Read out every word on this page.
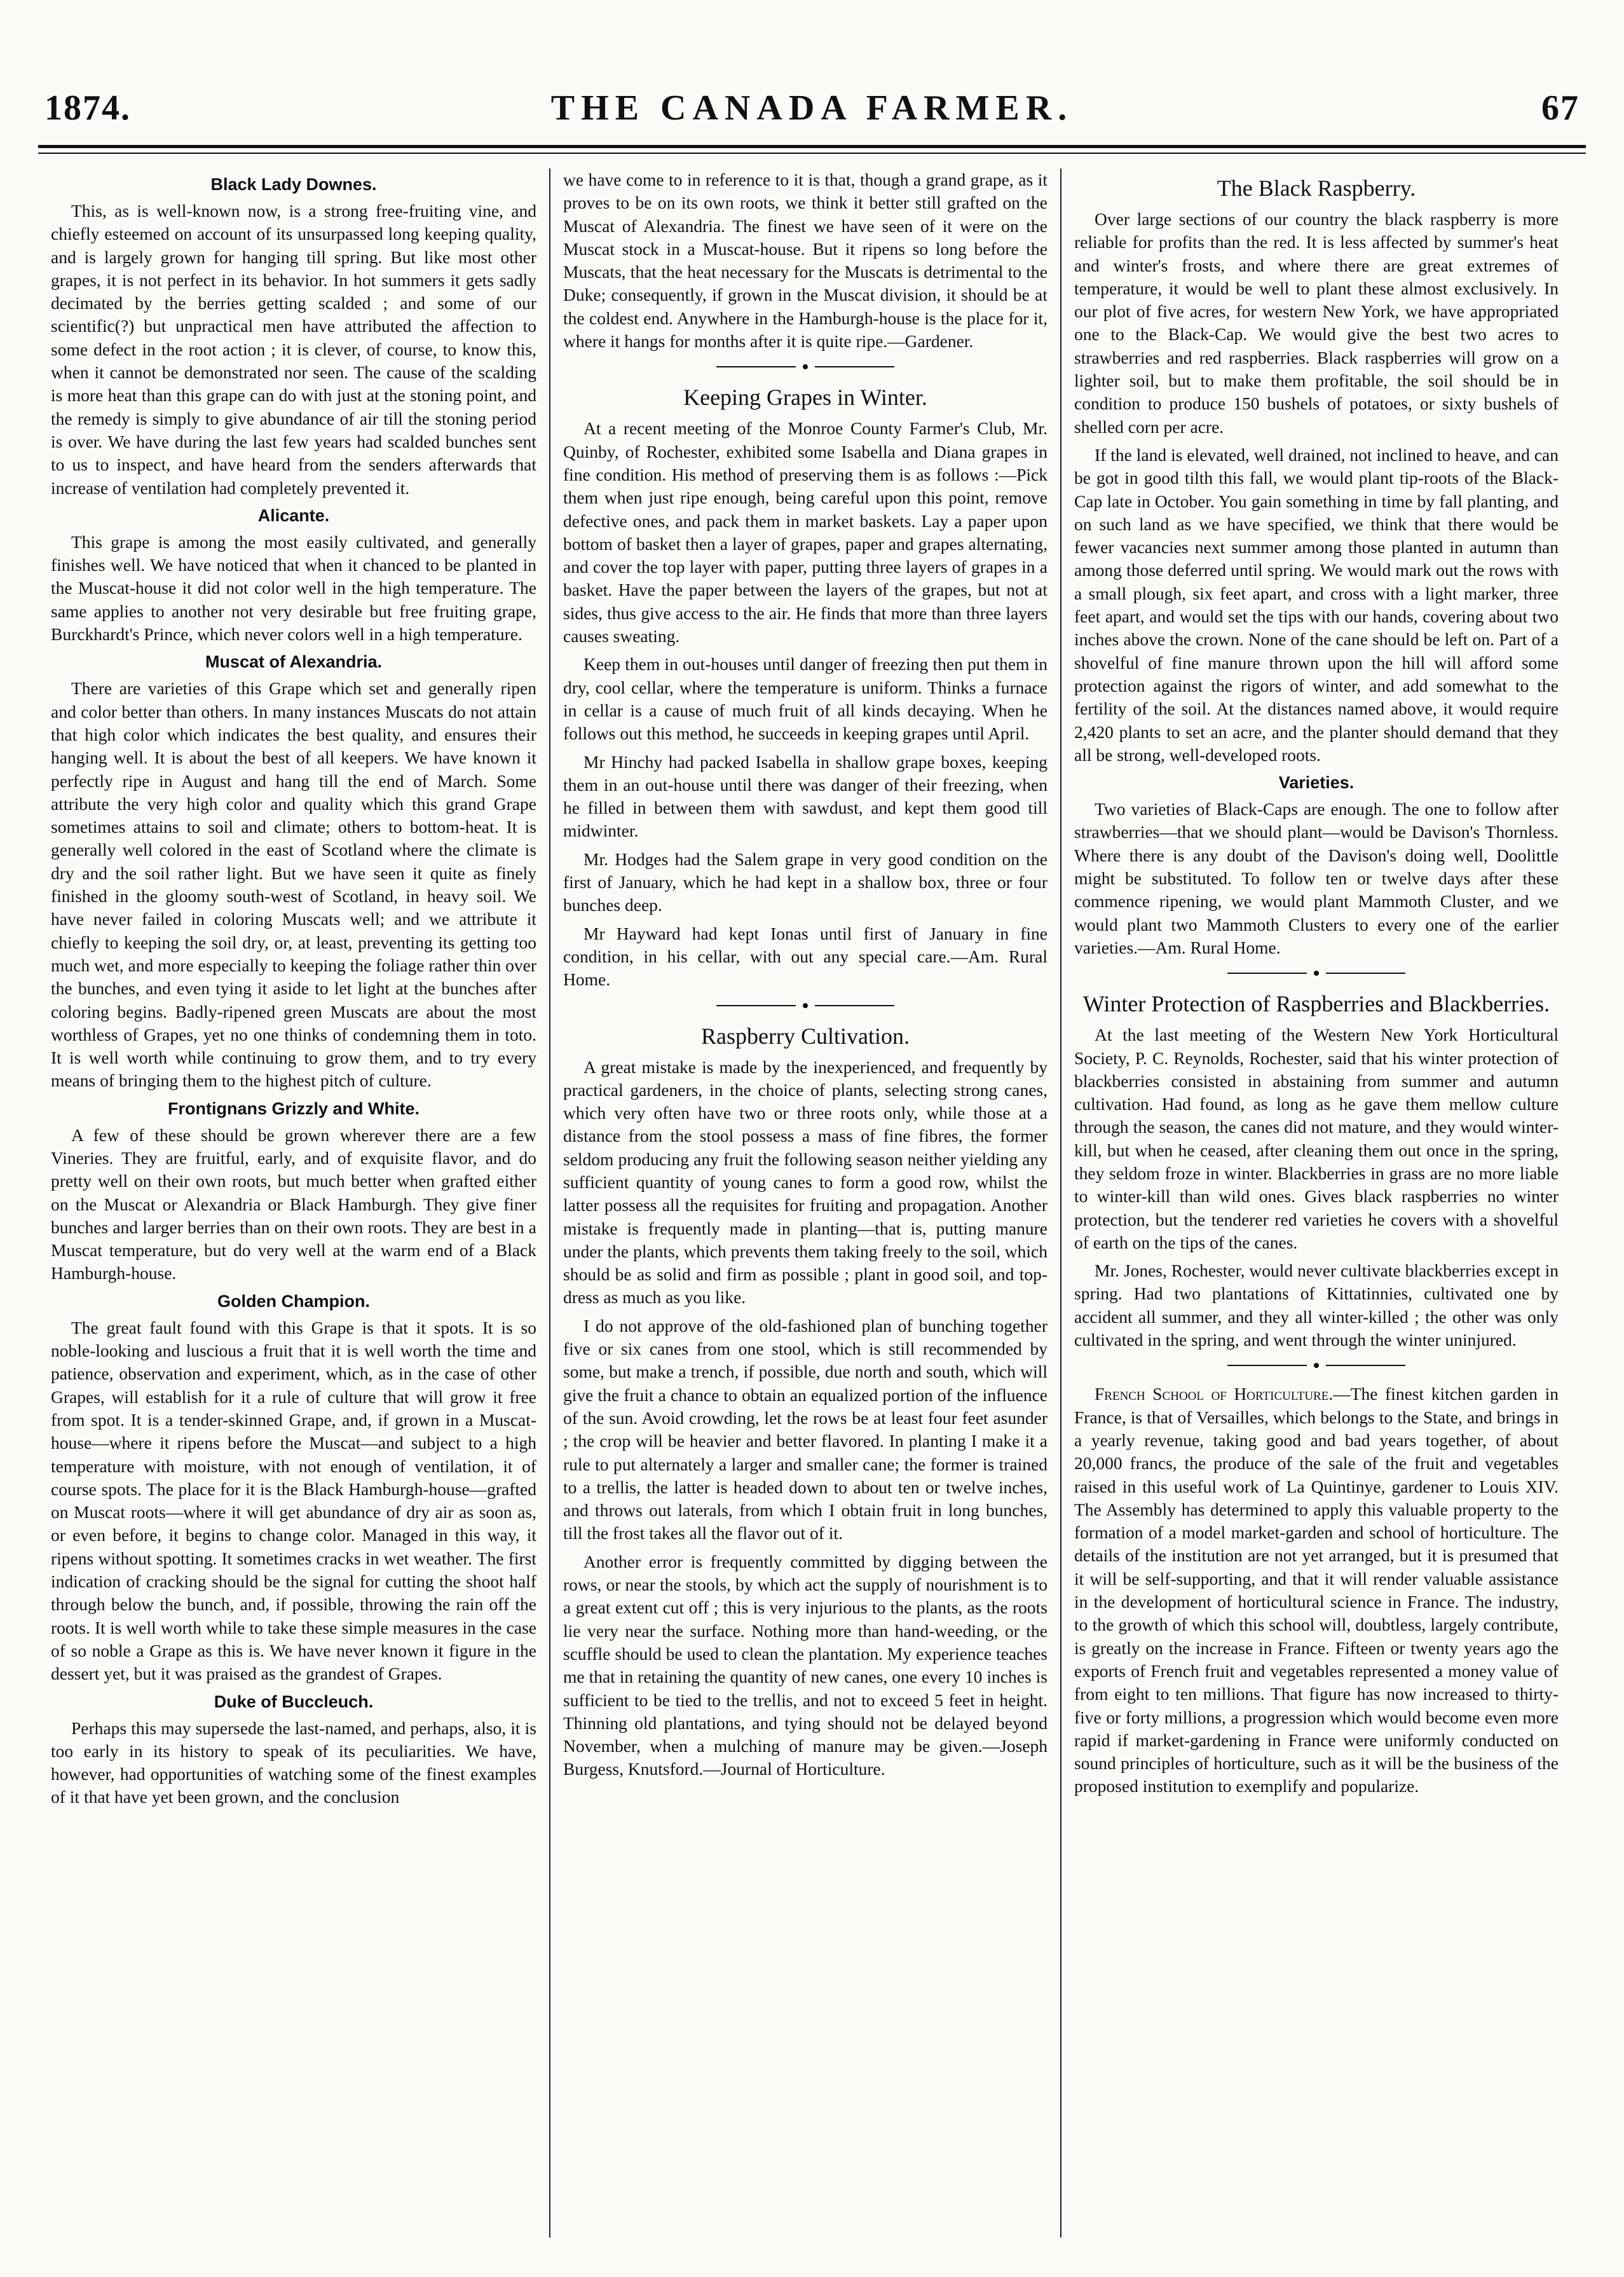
1874.	THE CANADA FARMER.	67
Black Lady Downes.

This, as is well-known now, is a strong free-fruiting vine, and chiefly esteemed on account of its unsurpassed long keeping quality, and is largely grown for hanging till spring. But like most other grapes, it is not perfect in its behavior. In hot summers it gets sadly decimated by the berries getting scalded ; and some of our scientific(?) but unpractical men have attributed the affection to some defect in the root action ; it is clever, of course, to know this, when it cannot be demonstrated nor seen. The cause of the scalding is more heat than this grape can do with just at the stoning point, and the remedy is simply to give abundance of air till the stoning period is over. We have during the last few years had scalded bunches sent to us to inspect, and have heard from the senders afterwards that increase of ventilation had completely prevented it.

Alicante.

This grape is among the most easily cultivated, and generally finishes well. We have noticed that when it chanced to be planted in the Muscat-house it did not color well in the high temperature. The same applies to another not very desirable but free fruiting grape, Burckhardt's Prince, which never colors well in a high temperature.

Muscat of Alexandria.

There are varieties of this Grape which set and generally ripen and color better than others. In many instances Muscats do not attain that high color which indicates the best quality, and ensures their hanging well. It is about the best of all keepers. We have known it perfectly ripe in August and hang till the end of March. Some attribute the very high color and quality which this grand Grape sometimes attains to soil and climate; others to bottom-heat. It is generally well colored in the east of Scotland where the climate is dry and the soil rather light. But we have seen it quite as finely finished in the gloomy south-west of Scotland, in heavy soil. We have never failed in coloring Muscats well; and we attribute it chiefly to keeping the soil dry, or, at least, preventing its getting too much wet, and more especially to keeping the foliage rather thin over the bunches, and even tying it aside to let light at the bunches after coloring begins. Badly-ripened green Muscats are about the most worthless of Grapes, yet no one thinks of condemning them in toto. It is well worth while continuing to grow them, and to try every means of bringing them to the highest pitch of culture.

Frontignans Grizzly and White.

A few of these should be grown wherever there are a few Vineries. They are fruitful, early, and of exquisite flavor, and do pretty well on their own roots, but much better when grafted either on the Muscat or Alexandria or Black Hamburgh. They give finer bunches and larger berries than on their own roots. They are best in a Muscat temperature, but do very well at the warm end of a Black Hamburgh-house.

Golden Champion.

The great fault found with this Grape is that it spots. It is so noble-looking and luscious a fruit that it is well worth the time and patience, observation and experiment, which, as in the case of other Grapes, will establish for it a rule of culture that will grow it free from spot. It is a tender-skinned Grape, and, if grown in a Muscat-house—where it ripens before the Muscat—and subject to a high temperature with moisture, with not enough of ventilation, it of course spots. The place for it is the Black Hamburgh-house—grafted on Muscat roots—where it will get abundance of dry air as soon as, or even before, it begins to change color. Managed in this way, it ripens without spotting. It sometimes cracks in wet weather. The first indication of cracking should be the signal for cutting the shoot half through below the bunch, and, if possible, throwing the rain off the roots. It is well worth while to take these simple measures in the case of so noble a Grape as this is. We have never known it figure in the dessert yet, but it was praised as the grandest of Grapes.

Duke of Buccleuch.

Perhaps this may supersede the last-named, and perhaps, also, it is too early in its history to speak of its peculiarities. We have, however, had opportunities of watching some of the finest examples of it that have yet been grown, and the conclusion

we have come to in reference to it is that, though a grand grape, as it proves to be on its own roots, we think it better still grafted on the Muscat of Alexandria. The finest we have seen of it were on the Muscat stock in a Muscat-house. But it ripens so long before the Muscats, that the heat necessary for the Muscats is detrimental to the Duke; consequently, if grown in the Muscat division, it should be at the coldest end. Anywhere in the Hamburgh-house is the place for it, where it hangs for months after it is quite ripe.—Gardener.

Keeping Grapes in Winter.

At a recent meeting of the Monroe County Farmer's Club, Mr. Quinby, of Rochester, exhibited some Isabella and Diana grapes in fine condition. His method of preserving them is as follows :—Pick them when just ripe enough, being careful upon this point, remove defective ones, and pack them in market baskets. Lay a paper upon bottom of basket then a layer of grapes, paper and grapes alternating, and cover the top layer with paper, putting three layers of grapes in a basket. Have the paper between the layers of the grapes, but not at sides, thus give access to the air. He finds that more than three layers causes sweating.

Keep them in out-houses until danger of freezing then put them in dry, cool cellar, where the temperature is uniform. Thinks a furnace in cellar is a cause of much fruit of all kinds decaying. When he follows out this method, he succeeds in keeping grapes until April.

Mr Hinchy had packed Isabella in shallow grape boxes, keeping them in an out-house until there was danger of their freezing, when he filled in between them with sawdust, and kept them good till midwinter.

Mr. Hodges had the Salem grape in very good condition on the first of January, which he had kept in a shallow box, three or four bunches deep.

Mr Hayward had kept Ionas until first of January in fine condition, in his cellar, with out any special care.—Am. Rural Home.

Raspberry Cultivation.

A great mistake is made by the inexperienced, and frequently by practical gardeners, in the choice of plants, selecting strong canes, which very often have two or three roots only, while those at a distance from the stool possess a mass of fine fibres, the former seldom producing any fruit the following season neither yielding any sufficient quantity of young canes to form a good row, whilst the latter possess all the requisites for fruiting and propagation. Another mistake is frequently made in planting—that is, putting manure under the plants, which prevents them taking freely to the soil, which should be as solid and firm as possible ; plant in good soil, and top-dress as much as you like.

I do not approve of the old-fashioned plan of bunching together five or six canes from one stool, which is still recommended by some, but make a trench, if possible, due north and south, which will give the fruit a chance to obtain an equalized portion of the influence of the sun. Avoid crowding, let the rows be at least four feet asunder ; the crop will be heavier and better flavored. In planting I make it a rule to put alternately a larger and smaller cane; the former is trained to a trellis, the latter is headed down to about ten or twelve inches, and throws out laterals, from which I obtain fruit in long bunches, till the frost takes all the flavor out of it.

Another error is frequently committed by digging between the rows, or near the stools, by which act the supply of nourishment is to a great extent cut off ; this is very injurious to the plants, as the roots lie very near the surface. Nothing more than hand-weeding, or the scuffle should be used to clean the plantation. My experience teaches me that in retaining the quantity of new canes, one every 10 inches is sufficient to be tied to the trellis, and not to exceed 5 feet in height. Thinning old plantations, and tying should not be delayed beyond November, when a mulching of manure may be given.—Joseph Burgess, Knutsford.—Journal of Horticulture.

The Black Raspberry.

Over large sections of our country the black raspberry is more reliable for profits than the red. It is less affected by summer's heat and winter's frosts, and where there are great extremes of temperature, it would be well to plant these almost exclusively. In our plot of five acres, for western New York, we have appropriated one to the Black-Cap. We would give the best two acres to strawberries and red raspberries. Black raspberries will grow on a lighter soil, but to make them profitable, the soil should be in condition to produce 150 bushels of potatoes, or sixty bushels of shelled corn per acre.

If the land is elevated, well drained, not inclined to heave, and can be got in good tilth this fall, we would plant tip-roots of the Black-Cap late in October. You gain something in time by fall planting, and on such land as we have specified, we think that there would be fewer vacancies next summer among those planted in autumn than among those deferred until spring. We would mark out the rows with a small plough, six feet apart, and cross with a light marker, three feet apart, and would set the tips with our hands, covering about two inches above the crown. None of the cane should be left on. Part of a shovelful of fine manure thrown upon the hill will afford some protection against the rigors of winter, and add somewhat to the fertility of the soil. At the distances named above, it would require 2,420 plants to set an acre, and the planter should demand that they all be strong, well-developed roots.

Varieties.

Two varieties of Black-Caps are enough. The one to follow after strawberries—that we should plant—would be Davison's Thornless. Where there is any doubt of the Davison's doing well, Doolittle might be substituted. To follow ten or twelve days after these commence ripening, we would plant Mammoth Cluster, and we would plant two Mammoth Clusters to every one of the earlier varieties.—Am. Rural Home.

Winter Protection of Raspberries and Blackberries.

At the last meeting of the Western New York Horticultural Society, P. C. Reynolds, Rochester, said that his winter protection of blackberries consisted in abstaining from summer and autumn cultivation. Had found, as long as he gave them mellow culture through the season, the canes did not mature, and they would winter-kill, but when he ceased, after cleaning them out once in the spring, they seldom froze in winter. Blackberries in grass are no more liable to winter-kill than wild ones. Gives black raspberries no winter protection, but the tenderer red varieties he covers with a shovelful of earth on the tips of the canes.

Mr. Jones, Rochester, would never cultivate blackberries except in spring. Had two plantations of Kittatinnies, cultivated one by accident all summer, and they all winter-killed ; the other was only cultivated in the spring, and went through the winter uninjured.

French School of Horticulture.—The finest kitchen garden in France, is that of Versailles, which belongs to the State, and brings in a yearly revenue, taking good and bad years together, of about 20,000 francs, the produce of the sale of the fruit and vegetables raised in this useful work of La Quintinye, gardener to Louis XIV. The Assembly has determined to apply this valuable property to the formation of a model market-garden and school of horticulture. The details of the institution are not yet arranged, but it is presumed that it will be self-supporting, and that it will render valuable assistance in the development of horticultural science in France. The industry, to the growth of which this school will, doubtless, largely contribute, is greatly on the increase in France. Fifteen or twenty years ago the exports of French fruit and vegetables represented a money value of from eight to ten millions. That figure has now increased to thirty-five or forty millions, a progression which would become even more rapid if market-gardening in France were uniformly conducted on sound principles of horticulture, such as it will be the business of the proposed institution to exemplify and popularize.
